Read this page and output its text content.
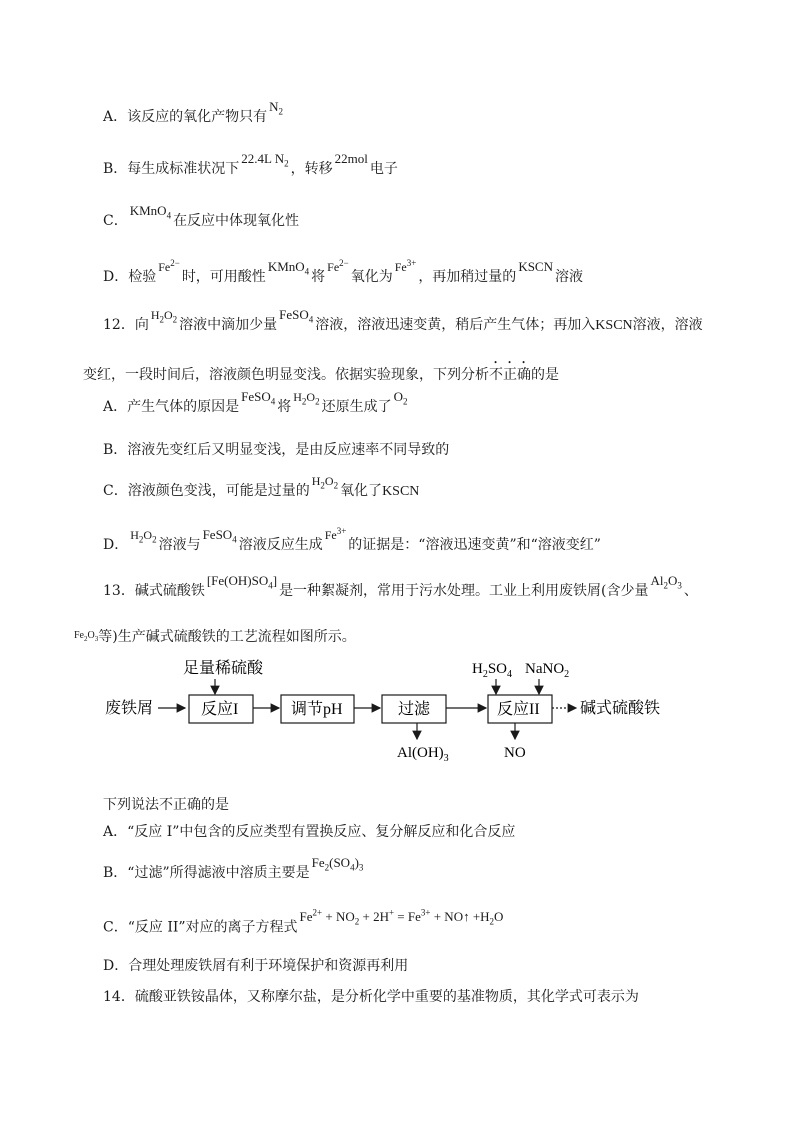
A．该反应的氧化产物只有$N_2$
B．每生成标准状况下22.4L $N_2$ ，转移22mol电子
C．KMnO$_4$ 在反应中体现氧化性
D．检验$Fe^{2-}$时，可用酸性KMnO$_4$ 将$Fe^{2-}$氧化为$Fe^{3+}$，再加稍过量的KSCN溶液
12．向$H_2O_2$ 溶液中滴加少量FeSO$_4$ 溶液，溶液迅速变黄，稍后产生气体；再加入KSCN溶液，溶液
变红，一段时间后，溶液颜色明显变浅。依据实验现象，下列分析不正确的是
A．产生气体的原因是FeSO$_4$ 将$H_2O_2$ 还原生成了$O_2$
B．溶液先变红后又明显变浅，是由反应速率不同导致的
C．溶液颜色变浅，可能是过量的$H_2O_2$ 氧化了KSCN
D．$H_2O_2$ 溶液与FeSO$_4$ 溶液反应生成$Fe^{3+}$的证据是：“溶液迅速变黄”和“溶液变红”
13．碱式硫酸铁$[Fe(OH)SO_4]$是一种絮凝剂，常用于污水处理。工业上利用废铁屑(含少量$Al_2O_3$ 、
$^{Fe_2O_3}$等)生产碱式硫酸铁的工艺流程如图所示。
废铁屑
足量稀硫酸
反应I	调节pH	过滤
$Al(OH)_3$
$H_2SO_4$ NaNO$_2$
反应II
NO
碱式硫酸铁
下列说法不正确的是
A．“反应 I”中包含的反应类型有置换反应、复分解反应和化合反应
B．“过滤”所得滤液中溶质主要是$Fe_2(SO_4)_3$
C．“反应 II”对应的离子方程式$Fe^{2+} + NO_2 + 2H^+ = Fe^{3+}$ + NO↑ $+H_2O$
D．合理处理废铁屑有利于环境保护和资源再利用
14．硫酸亚铁铵晶体，又称摩尔盐，是分析化学中重要的基准物质，其化学式可表示为
